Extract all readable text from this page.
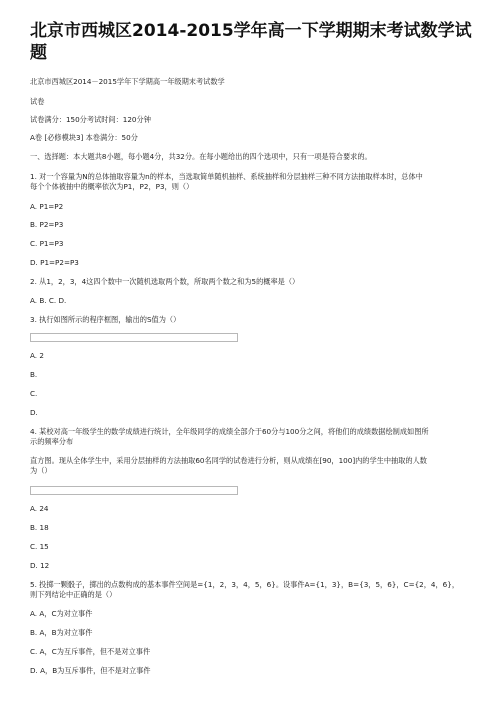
北京市西城区2014-2015学年高一下学期期末考试数学试题

北京市西城区2014－2015学年下学期高一年级期末考试数学

试卷

试卷满分：150分考试时间：120分钟

A卷 [必修模块3] 本卷满分：50分

一、选择题：本大题共8小题，每小题4分，共32分。在每小题给出的四个选项中，只有一项是符合要求的。

1. 对一个容量为N的总体抽取容量为n的样本，当选取简单随机抽样、系统抽样和分层抽样三种不同方法抽取样本时，总体中

每个个体被抽中的概率依次为P1，P2，P3，则（）

A. P1=P2

B. P2=P3

C. P1=P3

D. P1=P2=P3

2. 从1，2，3，4这四个数中一次随机选取两个数，所取两个数之和为5的概率是（）

A. B. C. D.

3. 执行如图所示的程序框图，输出的S值为（）

A. 2

B.

C.

D.

4. 某校对高一年级学生的数学成绩进行统计，全年级同学的成绩全部介于60分与100分之间，将他们的成绩数据绘制成如图所

示的频率分布

直方图。现从全体学生中，采用分层抽样的方法抽取60名同学的试卷进行分析，则从成绩在[90，100]内的学生中抽取的人数

为（）

A. 24

B. 18

C. 15

D. 12

5. 投掷一颗骰子，掷出的点数构成的基本事件空间是={1，2，3，4，5，6}。设事件A={1，3}，B={3，5，6}，C={2，4，6}，

则下列结论中正确的是（）

A. A，C为对立事件

B. A，B为对立事件

C. A，C为互斥事件，但不是对立事件

D. A，B为互斥事件，但不是对立事件
